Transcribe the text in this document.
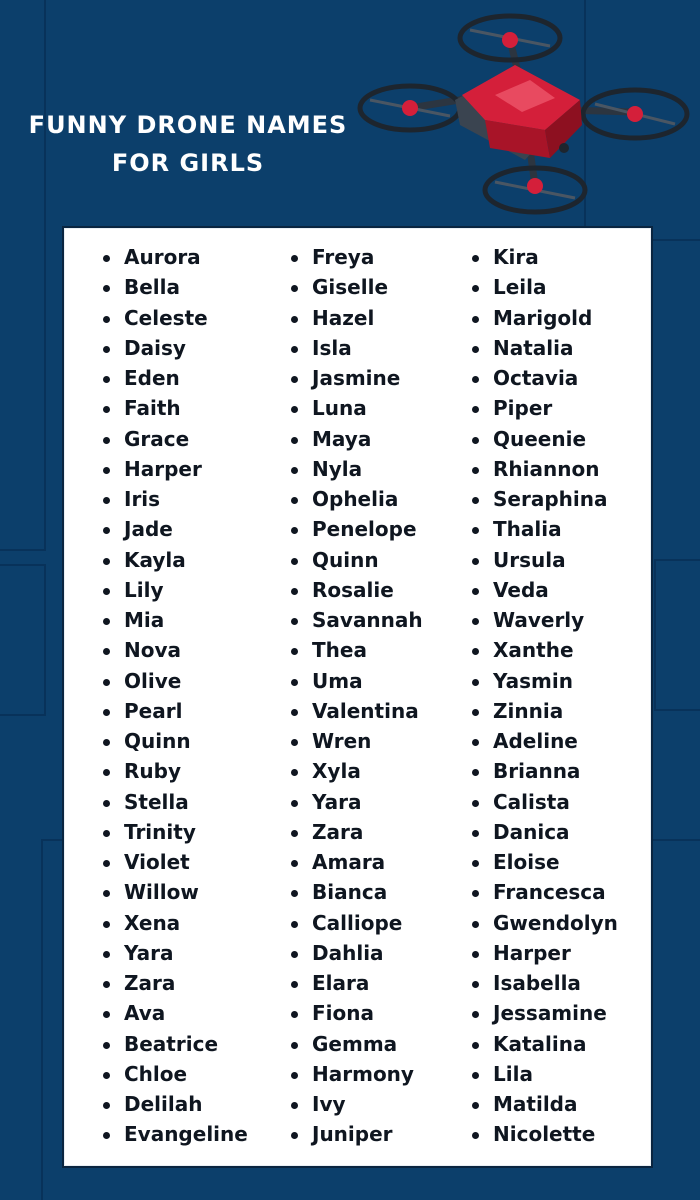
FUNNY DRONE NAMES
FOR GIRLS
Aurora
Bella
Celeste
Daisy
Eden
Faith
Grace
Harper
Iris
Jade
Kayla
Lily
Mia
Nova
Olive
Pearl
Quinn
Ruby
Stella
Trinity
Violet
Willow
Xena
Yara
Zara
Ava
Beatrice
Chloe
Delilah
Evangeline
Freya
Giselle
Hazel
Isla
Jasmine
Luna
Maya
Nyla
Ophelia
Penelope
Quinn
Rosalie
Savannah
Thea
Uma
Valentina
Wren
Xyla
Yara
Zara
Amara
Bianca
Calliope
Dahlia
Elara
Fiona
Gemma
Harmony
Ivy
Juniper
Kira
Leila
Marigold
Natalia
Octavia
Piper
Queenie
Rhiannon
Seraphina
Thalia
Ursula
Veda
Waverly
Xanthe
Yasmin
Zinnia
Adeline
Brianna
Calista
Danica
Eloise
Francesca
Gwendolyn
Harper
Isabella
Jessamine
Katalina
Lila
Matilda
Nicolette
